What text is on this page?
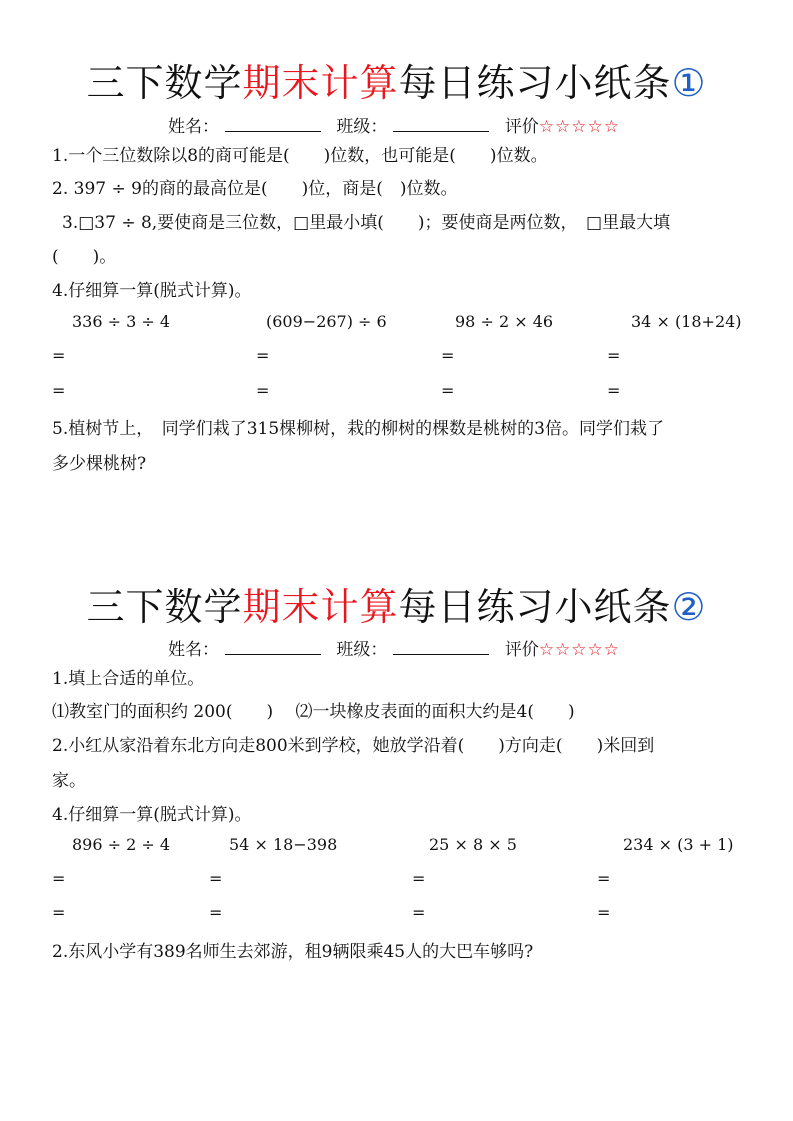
三下数学期末计算每日练习小纸条①
姓名：	班级：	评价☆☆☆☆☆
1.一个三位数除以8的商可能是(　　)位数，也可能是(　　)位数。
2. 397 ÷ 9的商的最高位是(　　)位，商是(　)位数。
3.□37 ÷ 8,要使商是三位数，□里最小填(　　)；要使商是两位数，　□里最大填
(　　)。
4.仔细算一算(脱式计算)。
336 ÷ 3 ÷ 4	(609−267) ÷ 6	98 ÷ 2 × 46	34 × (18+24)
=	=	=	=
=	=	=	=
5.植树节上，　同学们栽了315棵柳树，栽的柳树的棵数是桃树的3倍。同学们栽了
多少棵桃树?
三下数学期末计算每日练习小纸条②
姓名：	班级：	评价☆☆☆☆☆
1.填上合适的单位。
⑴教室门的面积约 200(　　)　 ⑵一块橡皮表面的面积大约是4(　　)
2.小红从家沿着东北方向走800米到学校，她放学沿着(　　)方向走(　　)米回到
家。
4.仔细算一算(脱式计算)。
896 ÷ 2 ÷ 4	54 × 18−398	25 × 8 × 5	234 × (3 + 1)
=	=	=	=
=	=	=	=
2.东风小学有389名师生去郊游，租9辆限乘45人的大巴车够吗?
